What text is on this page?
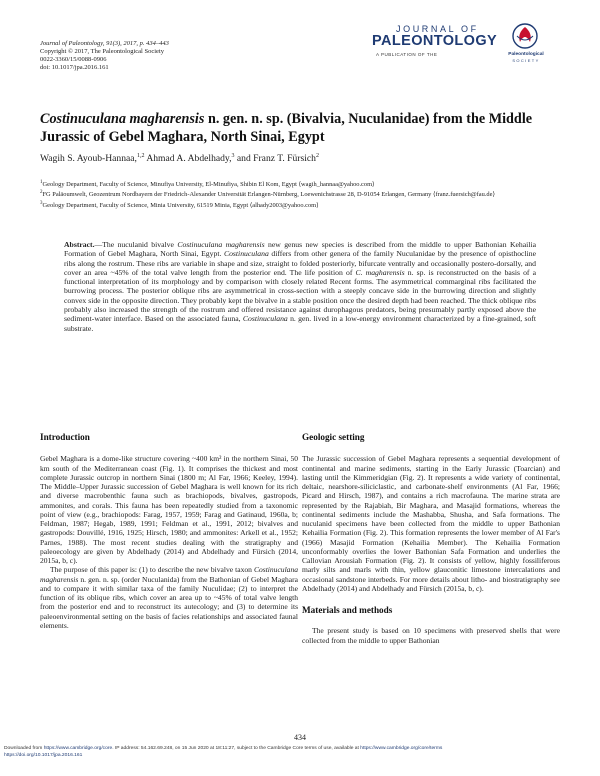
Journal of Paleontology, 91(3), 2017, p. 434–443
Copyright © 2017, The Paleontological Society
0022-3360/15/0088-0906
doi: 10.1017/jpa.2016.161
JOURNAL OF
PALEONTOLOGY
A PUBLICATION OF THE	Paleontological
SOCIETY
Costinuculana magharensis n. gen. n. sp. (Bivalvia, Nuculanidae) from the Middle Jurassic of Gebel Maghara, North Sinai, Egypt
Wagih S. Ayoub-Hannaa,$^{1,2}$ Ahmad A. Abdelhady,$^3$ and Franz T. Fürsich$^2$
$^1$Geology Department, Faculty of Science, Minufiya University, El-Minufiya, Shibin El Kom, Egypt ⟨wagih_hannaa@yahoo.com⟩
$^2$FG Paläoumwelt, Geozentrum Nordbayern der Friedrich-Alexander Universität Erlangen-Nürnberg, Loewenichstrasse 28, D-91054 Erlangen, Germany ⟨franz.fuersich@fau.de⟩
$^3$Geology Department, Faculty of Science, Minia University, 61519 Minia, Egypt ⟨alhady2003@yahoo.com⟩
Abstract.—The nuculanid bivalve Costinuculana magharensis new genus new species is described from the middle to upper Bathonian Kehailia Formation of Gebel Maghara, North Sinai, Egypt. Costinuculana differs from other genera of the family Nuculanidae by the presence of opisthocline ribs along the rostrum. These ribs are variable in shape and size, straight to folded posteriorly, bifurcate ventrally and occasionally postero-dorsally, and cover an area ~45% of the total valve length from the posterior end. The life position of C. magharensis n. sp. is reconstructed on the basis of a functional interpretation of its morphology and by comparison with closely related Recent forms. The asymmetrical commarginal ribs facilitated the burrowing process. The posterior oblique ribs are asymmetrical in cross-section with a steeply concave side in the burrowing direction and slightly convex side in the opposite direction. They probably kept the bivalve in a stable position once the desired depth had been reached. The thick oblique ribs probably also increased the strength of the rostrum and offered resistance against durophagous predators, being presumably partly exposed above the sediment-water interface. Based on the associated fauna, Costinuculana n. gen. lived in a low-energy environment characterized by a fine-grained, soft substrate.
Introduction

Gebel Maghara is a dome-like structure covering ~400 km² in the northern Sinai, 50 km south of the Mediterranean coast (Fig. 1). It comprises the thickest and most complete Jurassic outcrop in northern Sinai (1800 m; Al Far, 1966; Keeley, 1994). The Middle–Upper Jurassic succession of Gebel Maghara is well known for its rich and diverse macrobenthic fauna such as brachiopods, bivalves, gastropods, ammonites, and corals. This fauna has been repeatedly studied from a taxonomic point of view (e.g., brachiopods: Farag, 1957, 1959; Farag and Gatinaud, 1960a, b; Feldman, 1987; Hegab, 1989, 1991; Feldman et al., 1991, 2012; bivalves and gastropods: Douvillé, 1916, 1925; Hirsch, 1980; and ammonites: Arkell et al., 1952; Parnes, 1988). The most recent studies dealing with the stratigraphy and paleoecology are given by Abdelhady (2014) and Abdelhady and Fürsich (2014, 2015a, b, c).

The purpose of this paper is: (1) to describe the new bivalve taxon Costinuculana magharensis n. gen. n. sp. (order Nuculanida) from the Bathonian of Gebel Maghara and to compare it with similar taxa of the family Nuculidae; (2) to interpret the function of its oblique ribs, which cover an area up to ~45% of total valve length from the posterior end and to reconstruct its autecology; and (3) to determine its paleoenvironmental setting on the basis of facies relationships and associated faunal elements.

Geologic setting

The Jurassic succession of Gebel Maghara represents a sequential development of continental and marine sediments, starting in the Early Jurassic (Toarcian) and lasting until the Kimmeridgian (Fig. 2). It represents a wide variety of continental, deltaic, nearshore-siliciclastic, and carbonate-shelf environments (Al Far, 1966; Picard and Hirsch, 1987), and contains a rich macrofauna. The marine strata are represented by the Rajabiah, Bir Maghara, and Masajid formations, whereas the continental sediments include the Mashabba, Shusha, and Safa formations. The nuculanid specimens have been collected from the middle to upper Bathonian Kehailia Formation (Fig. 2). This formation represents the lower member of Al Far's (1966) Masajid Formation (Kehailia Member). The Kehailia Formation unconformably overlies the lower Bathonian Safa Formation and underlies the Callovian Arousiah Formation (Fig. 2). It consists of yellow, highly fossiliferous marly silts and marls with thin, yellow glauconitic limestone intercalations and occasional sandstone interbeds. For more details about litho- and biostratigraphy see Abdelhady (2014) and Abdelhady and Fürsich (2015a, b, c).

Materials and methods

The present study is based on 10 specimens with preserved shells that were collected from the middle to upper Bathonian

434
Downloaded from https://www.cambridge.org/core. IP address: 54.162.69.248, on 15 Jun 2020 at 18:11:27, subject to the Cambridge Core terms of use, available at https://www.cambridge.org/core/terms
https://doi.org/10.1017/jpa.2016.161
